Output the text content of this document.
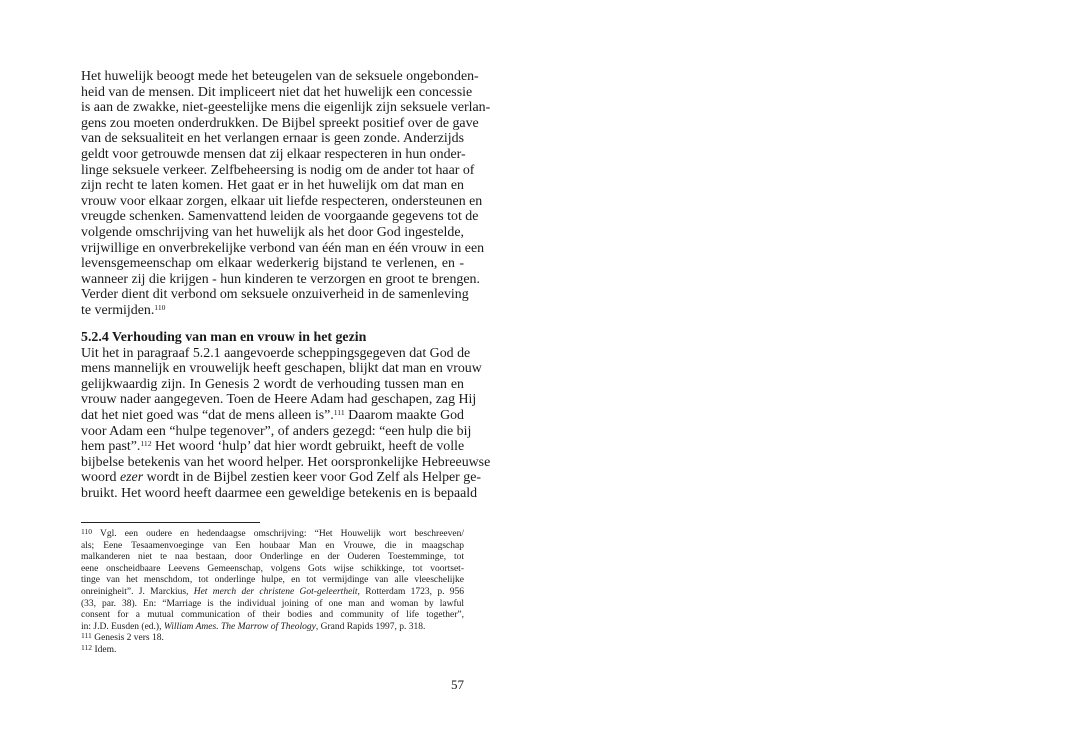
Het huwelijk beoogt mede het beteugelen van de seksuele ongebonden-
heid van de mensen. Dit impliceert niet dat het huwelijk een concessie
is aan de zwakke, niet-geestelijke mens die eigenlijk zijn seksuele verlan-
gens zou moeten onderdrukken. De Bijbel spreekt positief over de gave
van de seksualiteit en het verlangen ernaar is geen zonde. Anderzijds
geldt voor getrouwde mensen dat zij elkaar respecteren in hun onder-
linge seksuele verkeer. Zelfbeheersing is nodig om de ander tot haar of
zijn recht te laten komen. Het gaat er in het huwelijk om dat man en
vrouw voor elkaar zorgen, elkaar uit liefde respecteren, ondersteunen en
vreugde schenken. Samenvattend leiden de voorgaande gegevens tot de
volgende omschrijving van het huwelijk als het door God ingestelde,
vrijwillige en onverbrekelijke verbond van één man en één vrouw in een
levensgemeenschap om elkaar wederkerig bijstand te verlenen, en -
wanneer zij die krijgen - hun kinderen te verzorgen en groot te brengen.
Verder dient dit verbond om seksuele onzuiverheid in de samenleving
te vermijden.$^{110}$
5.2.4 Verhouding van man en vrouw in het gezin
Uit het in paragraaf 5.2.1 aangevoerde scheppingsgegeven dat God de
mens mannelijk en vrouwelijk heeft geschapen, blijkt dat man en vrouw
gelijkwaardig zijn. In Genesis 2 wordt de verhouding tussen man en
vrouw nader aangegeven. Toen de Heere Adam had geschapen, zag Hij
dat het niet goed was “dat de mens alleen is”.$^{111}$ Daarom maakte God
voor Adam een “hulpe tegenover”, of anders gezegd: “een hulp die bij
hem past”.$^{112}$ Het woord ‘hulp’ dat hier wordt gebruikt, heeft de volle
bijbelse betekenis van het woord helper. Het oorspronkelijke Hebreeuwse
woord ezer wordt in de Bijbel zestien keer voor God Zelf als Helper ge-
bruikt. Het woord heeft daarmee een geweldige betekenis en is bepaald
110 Vgl. een oudere en hedendaagse omschrijving: “Het Houwelijk wort beschreeven/
als; Eene Tesaamenvoeginge van Een houbaar Man en Vrouwe, die in maagschap
malkanderen niet te naa bestaan, door Onderlinge en der Ouderen Toestemminge, tot
eene onscheidbaare Leevens Gemeenschap, volgens Gots wijse schikkinge, tot voortset-
tinge van het menschdom, tot onderlinge hulpe, en tot vermijdinge van alle vleeschelijke
onreinigheit”. J. Marckius, Het merch der christene Got-geleertheit, Rotterdam 1723, p. 956
(33, par. 38). En: “Marriage is the individual joining of one man and woman by lawful
consent for a mutual communication of their bodies and community of life together”,
in: J.D. Eusden (ed.), William Ames. The Marrow of Theology, Grand Rapids 1997, p. 318.
111 Genesis 2 vers 18.
112 Idem.
57
